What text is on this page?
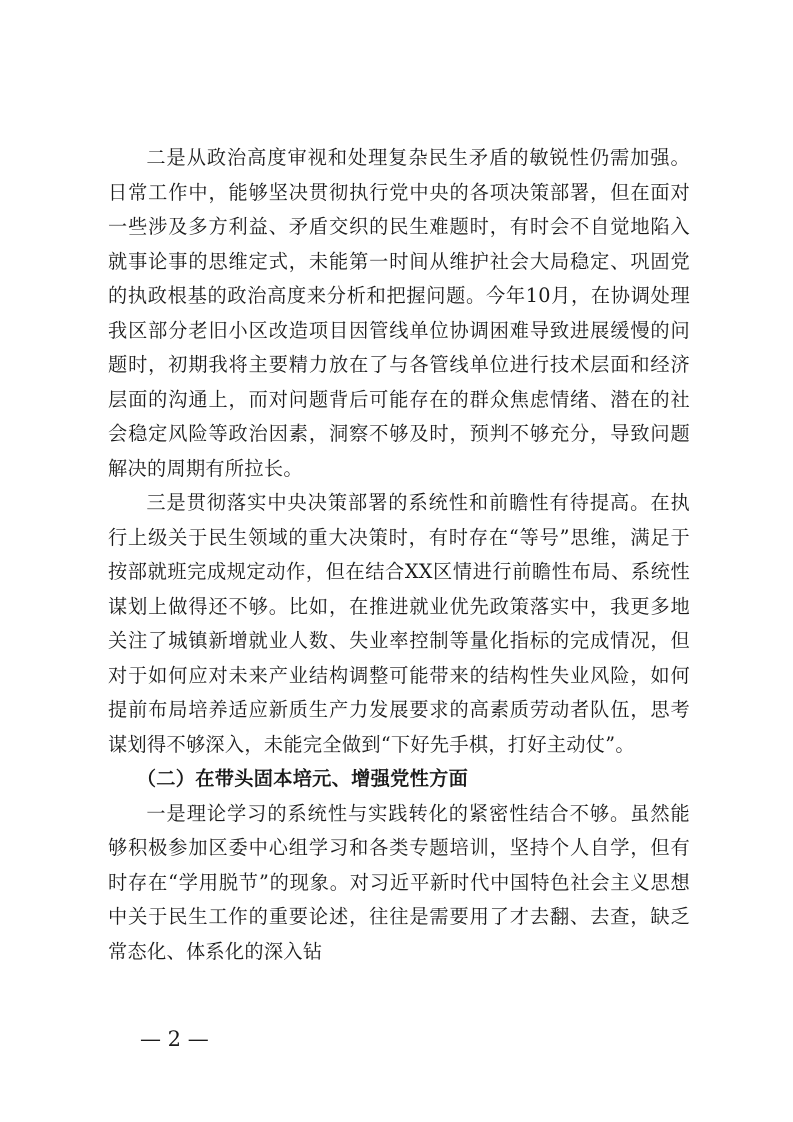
二是从政治高度审视和处理复杂民生矛盾的敏锐性仍需加强。日常工作中，能够坚决贯彻执行党中央的各项决策部署，但在面对一些涉及多方利益、矛盾交织的民生难题时，有时会不自觉地陷入就事论事的思维定式，未能第一时间从维护社会大局稳定、巩固党的执政根基的政治高度来分析和把握问题。今年10月，在协调处理我区部分老旧小区改造项目因管线单位协调困难导致进展缓慢的问题时，初期我将主要精力放在了与各管线单位进行技术层面和经济层面的沟通上，而对问题背后可能存在的群众焦虑情绪、潜在的社会稳定风险等政治因素，洞察不够及时，预判不够充分，导致问题解决的周期有所拉长。

三是贯彻落实中央决策部署的系统性和前瞻性有待提高。在执行上级关于民生领域的重大决策时，有时存在“等号”思维，满足于按部就班完成规定动作，但在结合XX区情进行前瞻性布局、系统性谋划上做得还不够。比如，在推进就业优先政策落实中，我更多地关注了城镇新增就业人数、失业率控制等量化指标的完成情况，但对于如何应对未来产业结构调整可能带来的结构性失业风险，如何提前布局培养适应新质生产力发展要求的高素质劳动者队伍，思考谋划得不够深入，未能完全做到“下好先手棋，打好主动仗”。

（二）在带头固本培元、增强党性方面

一是理论学习的系统性与实践转化的紧密性结合不够。虽然能够积极参加区委中心组学习和各类专题培训，坚持个人自学，但有时存在“学用脱节”的现象。对习近平新时代中国特色社会主义思想中关于民生工作的重要论述，往往是需要用了才去翻、去查，缺乏常态化、体系化的深入钻

— 2 —
